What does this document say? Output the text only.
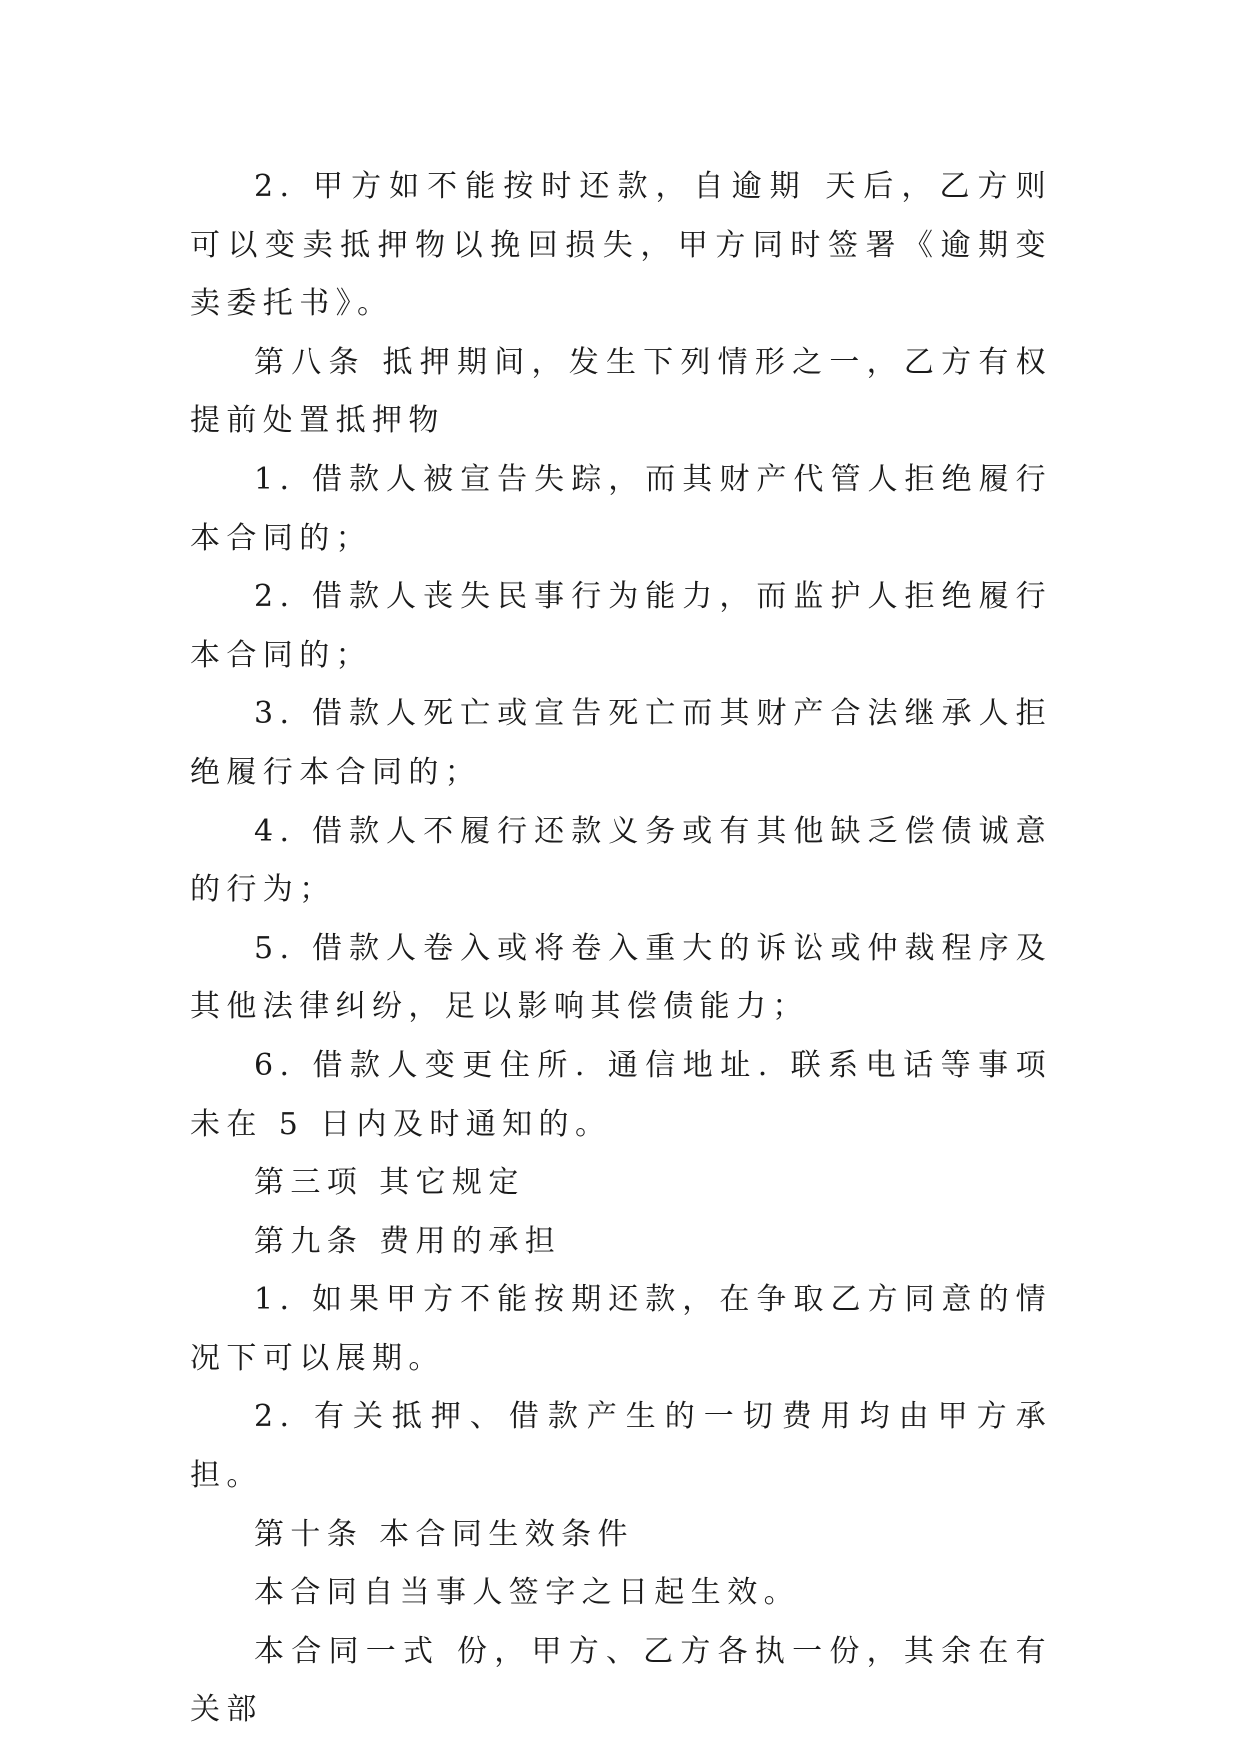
2. 甲方如不能按时还款，自逾期 天后，乙方则可以变卖抵押物以挽回损失，甲方同时签署《逾期变卖委托书》。

第八条 抵押期间，发生下列情形之一，乙方有权提前处置抵押物

1. 借款人被宣告失踪，而其财产代管人拒绝履行本合同的；

2. 借款人丧失民事行为能力，而监护人拒绝履行本合同的；

3. 借款人死亡或宣告死亡而其财产合法继承人拒绝履行本合同的；

4. 借款人不履行还款义务或有其他缺乏偿债诚意的行为；

5. 借款人卷入或将卷入重大的诉讼或仲裁程序及其他法律纠纷，足以影响其偿债能力；

6. 借款人变更住所. 通信地址. 联系电话等事项未在 5 日内及时通知的。

第三项 其它规定

第九条 费用的承担

1. 如果甲方不能按期还款，在争取乙方同意的情况下可以展期。

2. 有关抵押、借款产生的一切费用均由甲方承担。

第十条 本合同生效条件

本合同自当事人签字之日起生效。

本合同一式 份，甲方、乙方各执一份，其余在有关部
